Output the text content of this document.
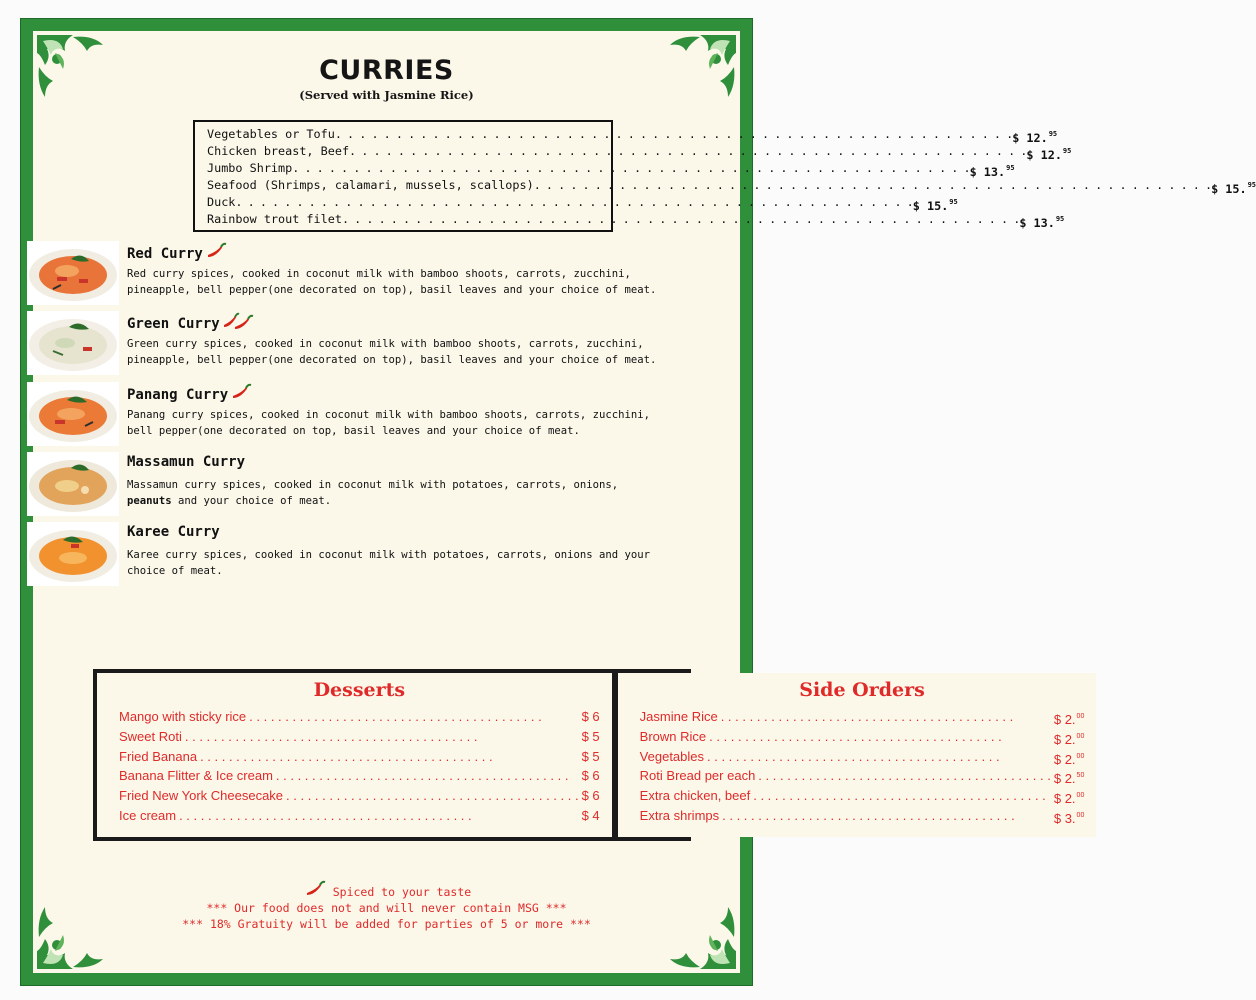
CURRIES
(Served with Jasmine Rice)
Vegetables or Tofu . . .	$ 12.95
Chicken breast, Beef . . .	$ 12.95
Jumbo Shrimp . . .	$ 13.95
Seafood (Shrimps, calamari, mussels, scallops) . . .	$ 15.95
Duck . . .	$ 15.95
Rainbow trout filet . . .	$ 13.95
Red Curry
Red curry spices, cooked in coconut milk with bamboo shoots, carrots, zucchini,
pineapple, bell pepper(one decorated on top), basil leaves and your choice of meat.
Green Curry
Green curry spices, cooked in coconut milk with bamboo shoots, carrots, zucchini,
pineapple, bell pepper(one decorated on top), basil leaves and your choice of meat.
Panang Curry
Panang curry spices, cooked in coconut milk with bamboo shoots, carrots, zucchini,
bell pepper(one decorated on top, basil leaves and your choice of meat.
Massamun Curry
Massamun curry spices, cooked in coconut milk with potatoes, carrots, onions,
peanuts and your choice of meat.
Karee Curry
Karee curry spices, cooked in coconut milk with potatoes, carrots, onions and your
choice of meat.
Desserts
Mango with sticky rice . . .	$ 6
Sweet Roti . . .	$ 5
Fried Banana . . .	$ 5
Banana Flitter & Ice cream . . .	$ 6
Fried New York Cheesecake . . .	$ 6
Ice cream . . .	$ 4
Side Orders
Jasmine Rice . . .	$ 2.00
Brown Rice . . .	$ 2.00
Vegetables . . .	$ 2.00
Roti Bread per each . . .	$ 2.50
Extra chicken, beef . . .	$ 2.00
Extra shrimps . . .	$ 3.00
Spiced to your taste
*** Our food does not and will never contain MSG ***
*** 18% Gratuity will be added for parties of 5 or more ***
